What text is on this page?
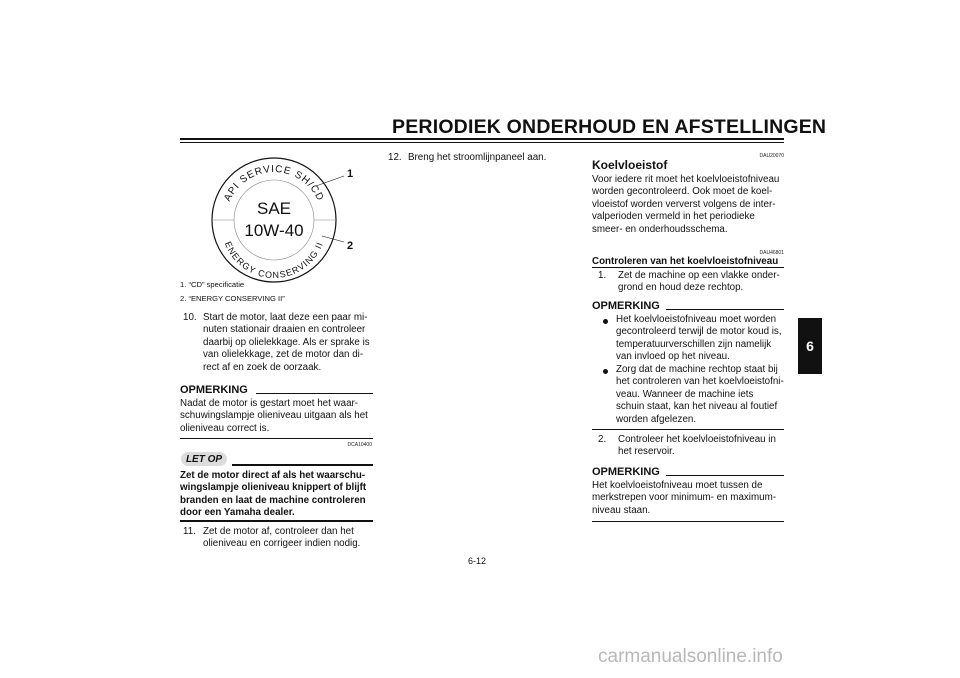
PERIODIEK ONDERHOUD EN AFSTELLINGEN
6
API SERVICE SH/CD
ENERGY CONSERVING II
SAE
10W-40
1
2
1. “CD” specificatie
2. “ENERGY CONSERVING II”
10. Start de motor, laat deze een paar mi-
nuten stationair draaien en controleer
daarbij op olielekkage. Als er sprake is
van olielekkage, zet de motor dan di-
rect af en zoek de oorzaak.
OPMERKING
Nadat de motor is gestart moet het waar-
schuwingslampje olieniveau uitgaan als het
olieniveau correct is.
DCA10400
LET OP
Zet de motor direct af als het waarschu-
wingslampje olieniveau knippert of blijft
branden en laat de machine controleren
door een Yamaha dealer.
11. Zet de motor af, controleer dan het
olieniveau en corrigeer indien nodig.
12. Breng het stroomlijnpaneel aan.	DAU20070
Koelvloeistof
Voor iedere rit moet het koelvloeistofniveau
worden gecontroleerd. Ook moet de koel-
vloeistof worden ververst volgens de inter-
valperioden vermeld in het periodieke
smeer- en onderhoudsschema.
DAU46801
Controleren van het koelvloeistofniveau
1. Zet de machine op een vlakke onder-
grond en houd deze rechtop.
OPMERKING
Het koelvloeistofniveau moet worden
gecontroleerd terwijl de motor koud is,
temperatuurverschillen zijn namelijk
van invloed op het niveau.
Zorg dat de machine rechtop staat bij
het controleren van het koelvloeistofni-
veau. Wanneer de machine iets
schuin staat, kan het niveau al foutief
worden afgelezen.
2. Controleer het koelvloeistofniveau in
het reservoir.
OPMERKING
Het koelvloeistofniveau moet tussen de
merkstrepen voor minimum- en maximum-
niveau staan.
6-12
carmanualsonline.info
